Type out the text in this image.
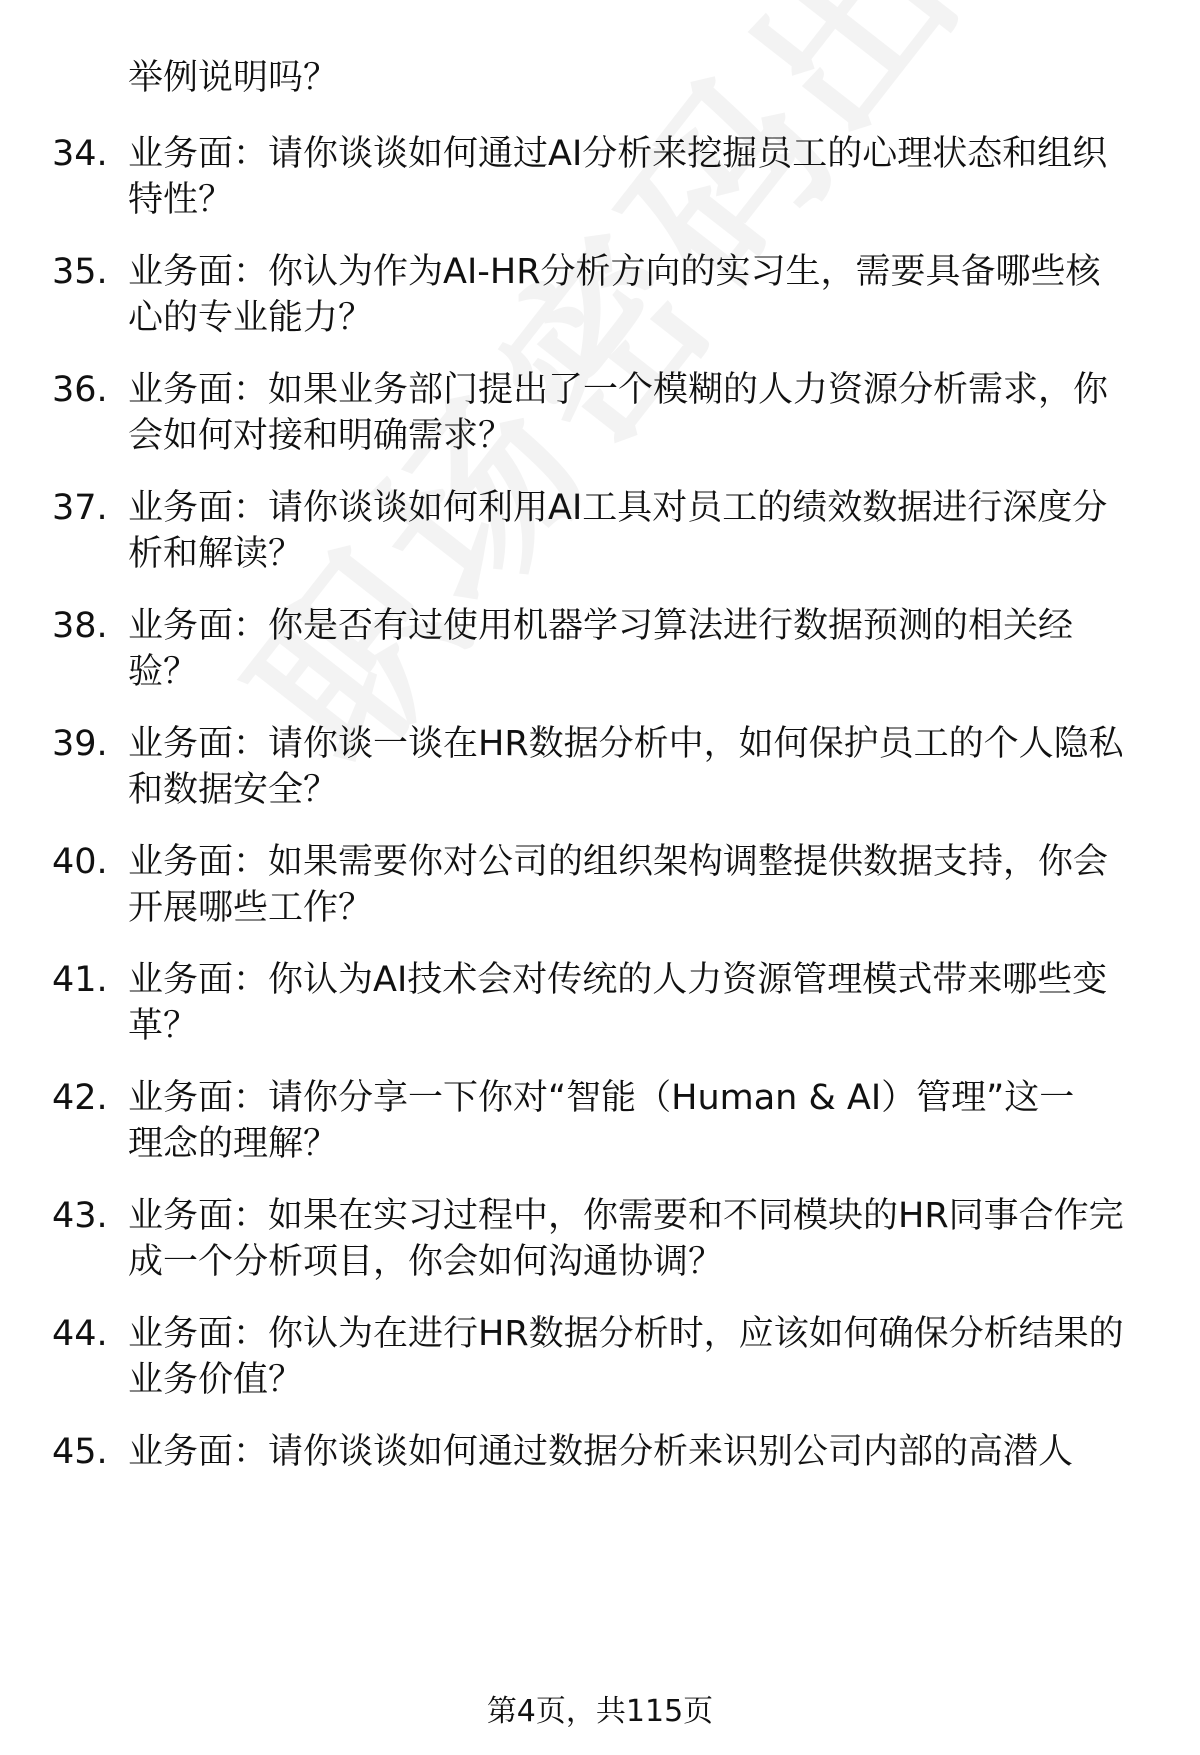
举例说明吗？
34. 业务面：请你谈谈如何通过AI分析来挖掘员工的心理状态和组织
特性？
35. 业务面：你认为作为AI-HR分析方向的实习生，需要具备哪些核
心的专业能力？
36. 业务面：如果业务部门提出了一个模糊的人力资源分析需求，你
会如何对接和明确需求？
37. 业务面：请你谈谈如何利用AI工具对员工的绩效数据进行深度分
析和解读？
38. 业务面：你是否有过使用机器学习算法进行数据预测的相关经
验？
39. 业务面：请你谈一谈在HR数据分析中，如何保护员工的个人隐私
和数据安全？
40. 业务面：如果需要你对公司的组织架构调整提供数据支持，你会
开展哪些工作？
41. 业务面：你认为AI技术会对传统的人力资源管理模式带来哪些变
革？
42. 业务面：请你分享一下你对“智能（Human & AI）管理”这一
理念的理解？
43. 业务面：如果在实习过程中，你需要和不同模块的HR同事合作完
成一个分析项目，你会如何沟通协调？
44. 业务面：你认为在进行HR数据分析时，应该如何确保分析结果的
业务价值？
45. 业务面：请你谈谈如何通过数据分析来识别公司内部的高潜人
第4页，共115页
